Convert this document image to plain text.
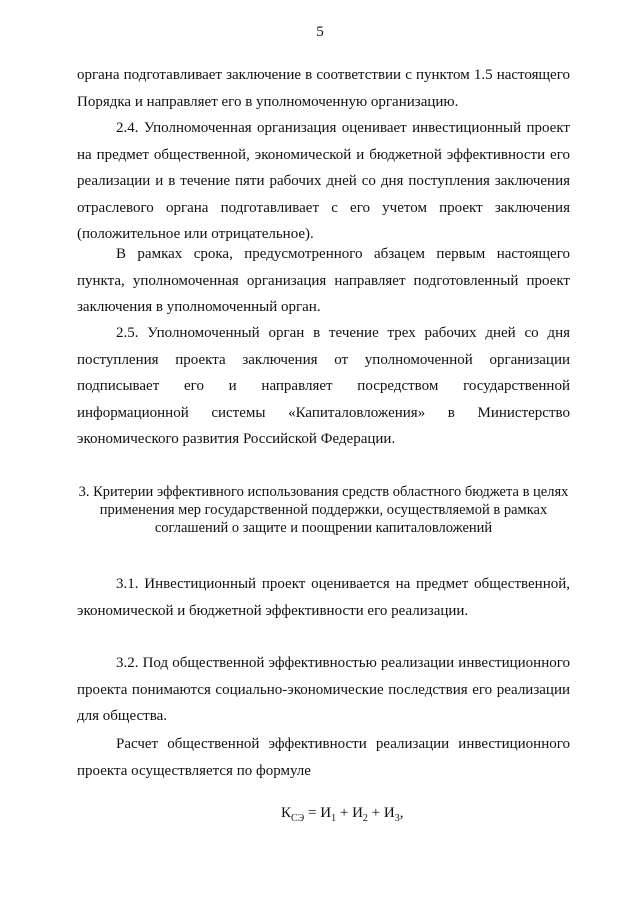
5
органа подготавливает заключение в соответствии с пунктом 1.5 настоящего Порядка и направляет его в уполномоченную организацию.
2.4. Уполномоченная организация оценивает инвестиционный проект на предмет общественной, экономической и бюджетной эффективности его реализации и в течение пяти рабочих дней со дня поступления заключения отраслевого органа подготавливает с его учетом проект заключения (положительное или отрицательное).
В рамках срока, предусмотренного абзацем первым настоящего пункта, уполномоченная организация направляет подготовленный проект заключения в уполномоченный орган.
2.5. Уполномоченный орган в течение трех рабочих дней со дня поступления проекта заключения от уполномоченной организации подписывает его и направляет посредством государственной информационной системы «Капиталовложения» в Министерство экономического развития Российской Федерации.
3. Критерии эффективного использования средств областного бюджета в целях применения мер государственной поддержки, осуществляемой в рамках соглашений о защите и поощрении капиталовложений
3.1. Инвестиционный проект оценивается на предмет общественной, экономической и бюджетной эффективности его реализации.
3.2. Под общественной эффективностью реализации инвестиционного проекта понимаются социально-экономические последствия его реализации для общества.
Расчет общественной эффективности реализации инвестиционного проекта осуществляется по формуле
$К_{СЭ} = И_1 + И_2 + И_3$,
